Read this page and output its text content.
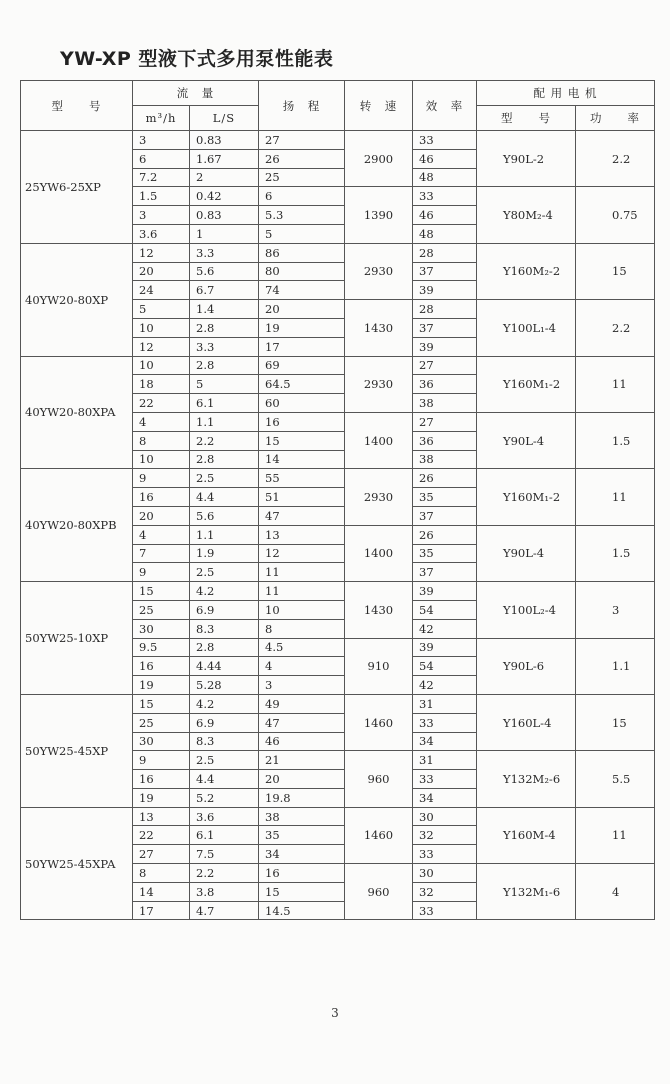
YW-XP 型液下式多用泵性能表
型　　号	流　量		扬　程	转　速	效　率	配 用 电 机	
	m³/h	L/S				型　　号	功　　率
25YW6-25XP	3	0.83	27	2900	33	Y90L-2	2.2
	6	1.67	26		46		
	7.2	2	25		48		
	1.5	0.42	6	1390	33	Y80M₂-4	0.75
	3	0.83	5.3		46		
	3.6	1	5		48		
40YW20-80XP	12	3.3	86	2930	28	Y160M₂-2	15
	20	5.6	80		37		
	24	6.7	74		39		
	5	1.4	20	1430	28	Y100L₁-4	2.2
	10	2.8	19		37		
	12	3.3	17		39		
40YW20-80XPA	10	2.8	69	2930	27	Y160M₁-2	11
	18	5	64.5		36		
	22	6.1	60		38		
	4	1.1	16	1400	27	Y90L-4	1.5
	8	2.2	15		36		
	10	2.8	14		38		
40YW20-80XPB	9	2.5	55	2930	26	Y160M₁-2	11
	16	4.4	51		35		
	20	5.6	47		37		
	4	1.1	13	1400	26	Y90L-4	1.5
	7	1.9	12		35		
	9	2.5	11		37		
50YW25-10XP	15	4.2	11	1430	39	Y100L₂-4	3
	25	6.9	10		54		
	30	8.3	8		42		
	9.5	2.8	4.5	910	39	Y90L-6	1.1
	16	4.44	4		54		
	19	5.28	3		42		
50YW25-45XP	15	4.2	49	1460	31	Y160L-4	15
	25	6.9	47		33		
	30	8.3	46		34		
	9	2.5	21	960	31	Y132M₂-6	5.5
	16	4.4	20		33		
	19	5.2	19.8		34		
50YW25-45XPA	13	3.6	38	1460	30	Y160M-4	11
	22	6.1	35		32		
	27	7.5	34		33		
	8	2.2	16	960	30	Y132M₁-6	4
	14	3.8	15		32		
	17	4.7	14.5		33		
3
